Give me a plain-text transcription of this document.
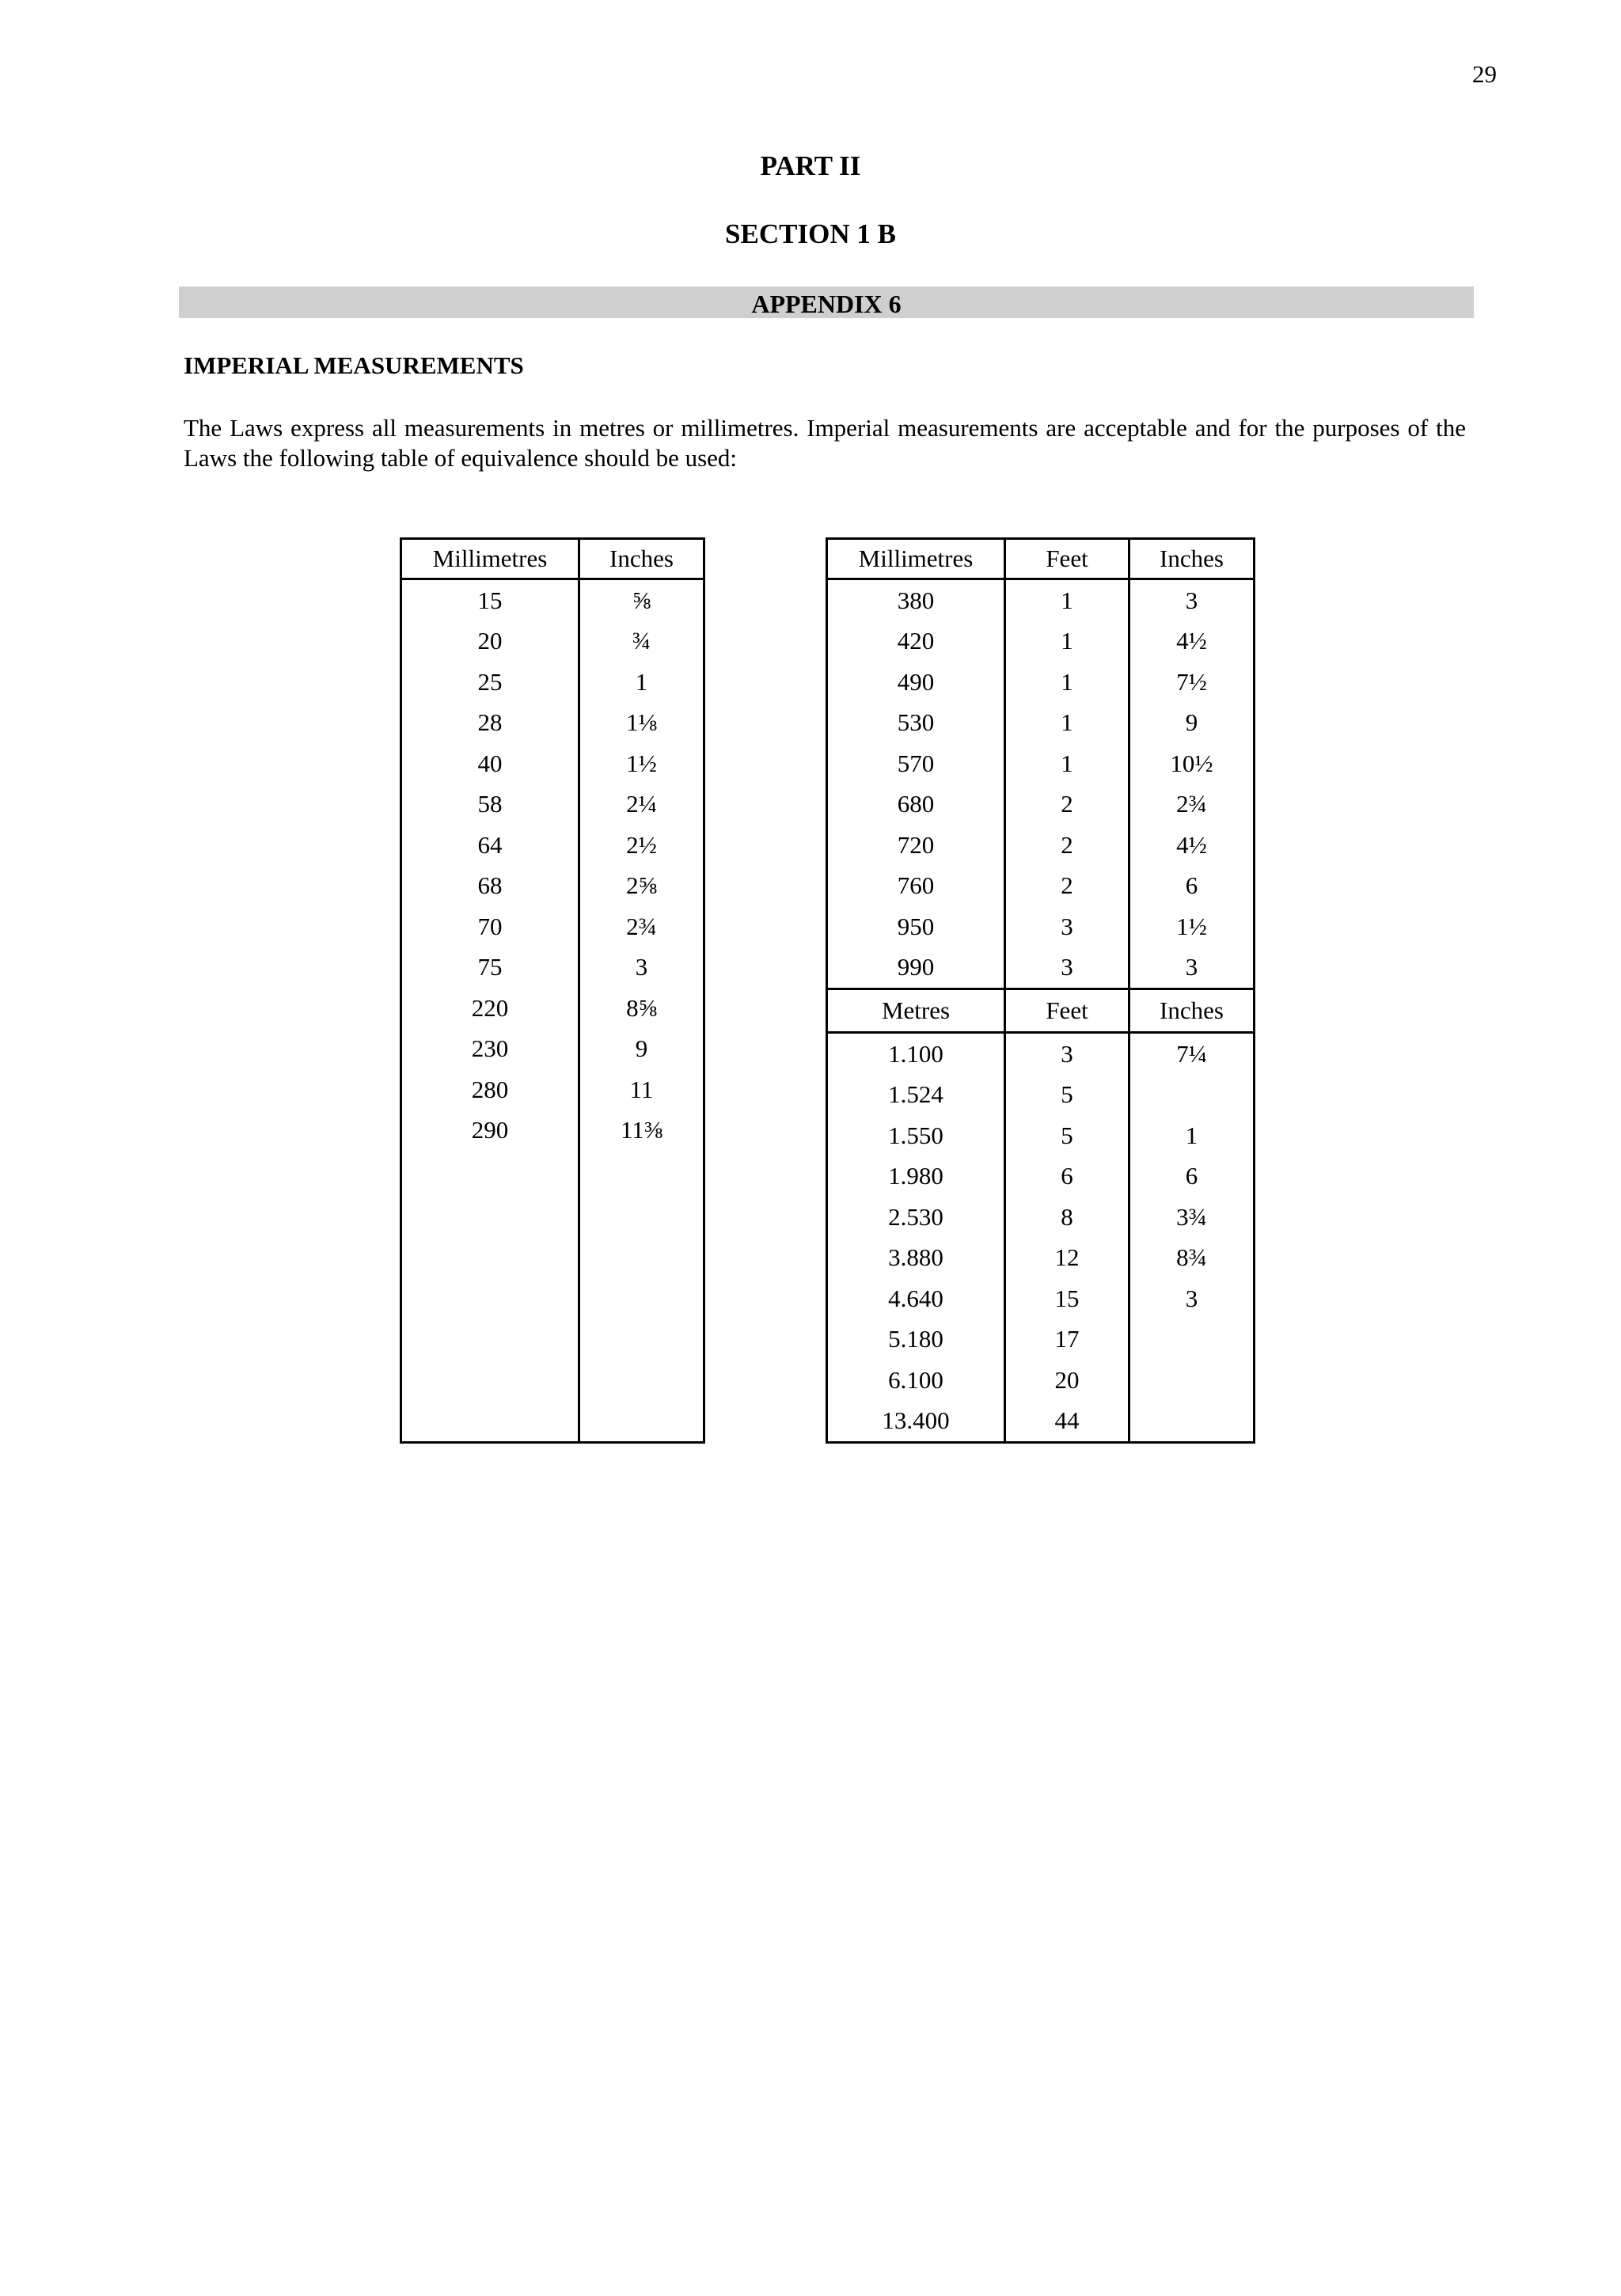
29
PART II
SECTION 1 B
APPENDIX 6
IMPERIAL MEASUREMENTS
The Laws express all measurements in metres or millimetres. Imperial measurements are acceptable and for the purposes of the Laws the following table of equivalence should be used:
Millimetres	Inches
15	⅝
20	¾
25	1
28	1⅛
40	1½
58	2¼
64	2½
68	2⅝
70	2¾
75	3
220	8⅝
230	9
280	11
290	11⅜

Millimetres	Feet	Inches
380	1	3
420	1	4½
490	1	7½
530	1	9
570	1	10½
680	2	2¾
720	2	4½
760	2	6
950	3	1½
990	3	3
Metres	Feet	Inches
1.100	3	7¼
1.524	5	
1.550	5	1
1.980	6	6
2.530	8	3¾
3.880	12	8¾
4.640	15	3
5.180	17	
6.100	20	
13.400	44	
